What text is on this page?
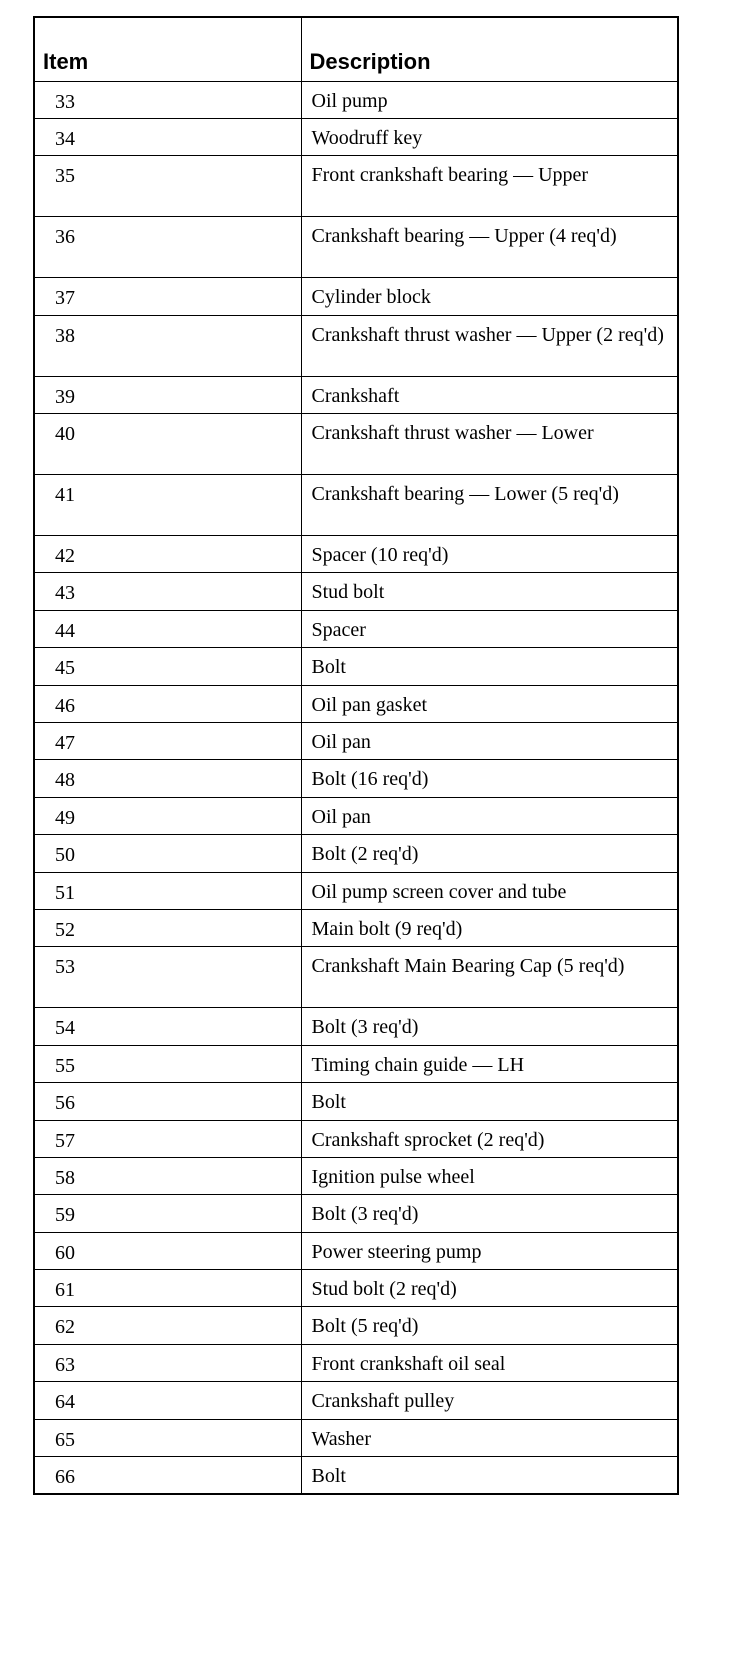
Item	Description
33	Oil pump
34	Woodruff key
35	Front crankshaft bearing — Upper
36	Crankshaft bearing — Upper (4 req'd)
37	Cylinder block
38	Crankshaft thrust washer — Upper (2 req'd)
39	Crankshaft
40	Crankshaft thrust washer — Lower
41	Crankshaft bearing — Lower (5 req'd)
42	Spacer (10 req'd)
43	Stud bolt
44	Spacer
45	Bolt
46	Oil pan gasket
47	Oil pan
48	Bolt (16 req'd)
49	Oil pan
50	Bolt (2 req'd)
51	Oil pump screen cover and tube
52	Main bolt (9 req'd)
53	Crankshaft Main Bearing Cap (5 req'd)
54	Bolt (3 req'd)
55	Timing chain guide — LH
56	Bolt
57	Crankshaft sprocket (2 req'd)
58	Ignition pulse wheel
59	Bolt (3 req'd)
60	Power steering pump
61	Stud bolt (2 req'd)
62	Bolt (5 req'd)
63	Front crankshaft oil seal
64	Crankshaft pulley
65	Washer
66	Bolt
